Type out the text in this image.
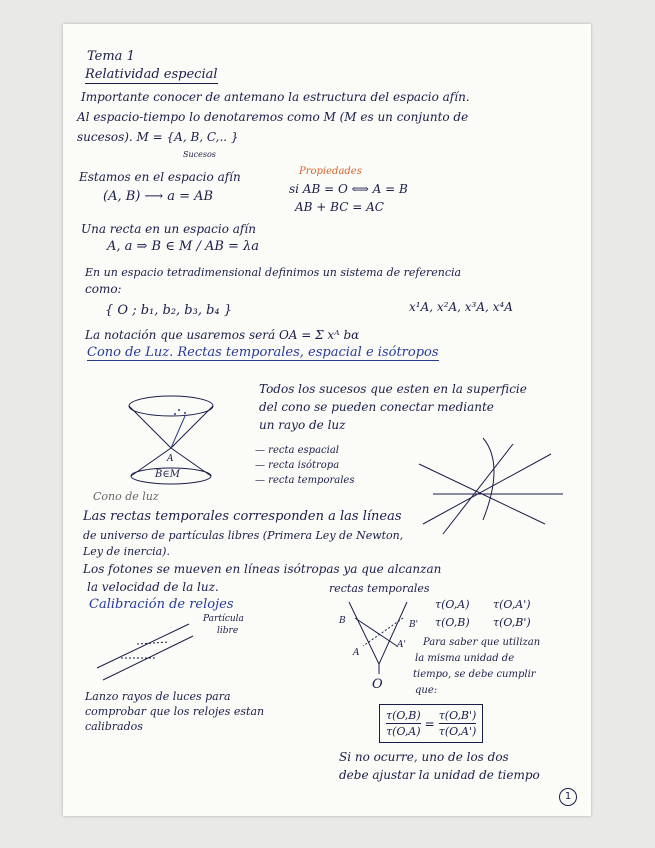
Tema 1
Relatividad especial
Importante conocer de antemano la estructura del espacio afín.
Al espacio-tiempo lo denotaremos como M (M es un conjunto de
sucesos). M = {A, B, C,.. }
Sucesos
Propiedades
si AB = O ⟺ A = B
AB + BC = AC
Estamos en el espacio afín
(A, B) ⟶ a = AB
Una recta en un espacio afín
A, a ⇒ B ∈ M / AB = λa
En un espacio tetradimensional definimos un sistema de referencia
como:
{ O ; b₁, b₂, b₃, b₄ }	x¹A, x²A, x³A, x⁴A
La notación que usaremos será OA = Σ xᴬ bα
Cono de Luz. Rectas temporales, espacial e isótropos
Todos los sucesos que esten en la superficie
del cono se pueden conectar mediante
un rayo de luz
— recta espacial
— recta isótropa
— recta temporales
A
B∈M
Cono de luz
Las rectas temporales corresponden a las líneas
de universo de partículas libres (Primera Ley de Newton,
Ley de inercia).
Los fotones se mueven en líneas isótropas ya que alcanzan
la velocidad de la luz.
Calibración de relojes
Partícula
libre
Lanzo rayos de luces para
comprobar que los relojes estan
calibrados
rectas temporales
B	B'
A
A'
O
τ(O,A) τ(O,A')
τ(O,B) τ(O,B')
Para saber que utilizan
la misma unidad de
tiempo, se debe cumplir
que:
τ(O,B)
τ(O,A)
=
τ(O,B')
τ(O,A')
Si no ocurre, uno de los dos
debe ajustar la unidad de tiempo
1
